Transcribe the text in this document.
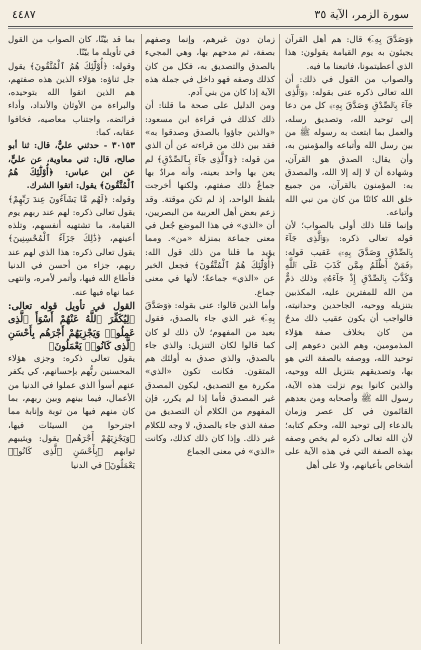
سورة الزمر، الآية ٣٥
٤٤٨٧

﴿وَصَدَّقَ بِهِۦٓ﴾ قال: هم أهل القرآن يجيئون به يوم القيامة يقولون: هذا الذي أعطيتمونا، فاتبعنا ما فيه.

والصواب من القول في ذلك: أن الله تعالى ذكره عنى بقوله: ﴿وَٱلَّذِى جَآءَ بِٱلصِّدْقِ وَصَدَّقَ بِهِۦٓ﴾ كل من دعا إلى توحيد الله، وتصديق رسله، والعمل بما ابتعث به رسوله ﷺ من بين رسل الله وأتباعه والمؤمنين به، وأن يقال: الصدق هو القرآن، وشهادة أن لا إله إلا الله، والمصدق به: المؤمنون بالقرآن، من جميع خلق الله كائنًا من كان من نبي الله وأتباعه.

وإنما قلنا ذلك أولى بالصواب؛ لأن قوله تعالى ذكره: ﴿وَٱلَّذِى جَآءَ بِٱلصِّدْقِ وَصَدَّقَ بِهِۦٓ﴾ عَقيب قوله: ﴿فَمَنْ أَظْلَمُ مِمَّن كَذَبَ عَلَى ٱللَّهِ وَكَذَّبَ بِٱلصِّدْقِ إِذْ جَآءَهُۥٓ﴾ وذلك ذمٌّ من الله للمفترين عليه، المكذبين بتنزيله ووحيه، الجاحدين وحدانيته، فالواجب أن يكون عقيب ذلك مدحُ من كان بخلاف صفة هؤلاء المذمومين، وهم الذين دعوهم إلى توحيد الله، ووصفه بالصفة التي هو بها، وتصديقهم بتنزيل الله ووحيه، والذين كانوا يوم نزلت هذه الآية، رسول الله ﷺ وأصحابه ومن بعدهم القائمون في كل عصر وزمان بالدعاء إلى توحيد الله، وحكم كتابه؛ لأن الله تعالى ذكره لم يخص وصفه بهذه الصفة التي في هذه الآية على أشخاص بأعيانهم، ولا على أهل

زمان دون غيرهم، وإنما وصفهم بصفة، ثم مدحهم بها، وهي المجيء بالصدق والتصديق به، فكل من كان كذلك وصفه فهو داخل في جملة هذه الآية إذا كان من بني آدم.

ومن الدليل على صحة ما قلنا: أن ذلك كذلك في قراءة ابن مسعود: «والذين جاؤوا بالصدق وصدقوا به» فقد بين ذلك من قراءته عن أن الذي من قوله: ﴿وَٱلَّذِى جَآءَ بِٱلصِّدْقِ﴾ لم يعن بها واحد بعينه، وأنه مرادٌ بها جماعٌ ذلك صفتهم، ولكنها أخرجت بلفظ الواحد، إذ لم تكن موقتة. وقد زعم بعض أهل العربية من البصريين، أن «الذي» في هذا الموضع جُعل في معنى جماعة بمنزلة «من». ومما يؤيد ما قلنا من ذلك قول الله: ﴿أُوْلَٰٓئِكَ هُمُ ٱلْمُتَّقُونَ﴾ فجعل الخبر عن «الذي» جماعةً؛ لأنها في معنى جماع.

وأما الذين قالوا: عنى بقوله: ﴿وَصَدَّقَ بِهِۦٓ﴾ غير الذي جاء بالصدق، فقول بعيد من المفهوم؛ لأن ذلك لو كان كما قالوا لكان التنزيل: والذي جاء بالصدق، والذي صدق به أولئك هم المتقون. فكانت تكون «الذي» مكررة مع التصديق، ليكون المصدق غير المصدق فأما إذا لم يكرر، فإن المفهوم من الكلام أن التصديق من صفة الذي جاء بالصدق، لا وجه للكلام غير ذلك. وإذا كان ذلك كذلك، وكانت «الذي» في معنى الجماع

بما قد بيّنّا، كان الصواب من القول في تأويله ما بيّنّا.

وقوله: ﴿أُوْلَٰٓئِكَ هُمُ ٱلْمُتَّقُونَ﴾ يقول جل ثناؤه: هؤلاء الذين هذه صفتهم، هم الذين اتقوا الله بتوحيده، والبراءة من الأوثان والأنداد، وأداء فرائضه، واجتناب معاصيه، فخافوا عقابه، كما:

٣٠١٥٣ - حدثني عليٌّ، قال: ثنا أبو صالح، قال: ثني معاوية، عن عليٍّ، عن ابن عباس: ﴿أُوْلَٰٓئِكَ هُمُ ٱلْمُتَّقُونَ﴾ يقول: اتقوا الشرك.

وقوله: ﴿لَهُم مَّا يَشَآءُونَ عِندَ رَبِّهِمْ﴾ يقول تعالى ذكره: لهم عند ربهم يوم القيامة، ما تشتهيه أنفسهم، وتلذه أعينهم، ﴿ذَٰلِكَ جَزَآءُ ٱلْمُحْسِنِينَ﴾ يقول تعالى ذكره: هذا الذي لهم عند ربهم، جزاء من أحسن في الدنيا فأطاع الله فيها، وأتمر لأمره، وانتهى عما نهاه فيها عنه.

القول في تأويل قوله تعالى: ﴿لِيُكَفِّرَ ٱللَّهُ عَنْهُمْ أَسْوَأَ ٱلَّذِى عَمِلُوا۟ وَيَجْزِيَهُمْ أَجْرَهُم بِأَحْسَنِ ٱلَّذِى كَانُوا۟ يَعْمَلُونَ﴾

يقول تعالى ذكره: وجزى هؤلاء المحسنين ربُّهم بإحسانهم، كي يكفر عنهم أسوأ الذي عملوا في الدنيا من الأعمال، فيما بينهم وبين ربهم، بما كان منهم فيها من توبة وإنابة مما اجترحوا من السيئات فيها، ﴿وَيَجْزِيَهُمْ أَجْرَهُم﴾ يقول: ويثيبهم ثوابهم ﴿بِأَحْسَنِ ٱلَّذِى كَانُوا۟ يَعْمَلُونَ﴾ في الدنيا
